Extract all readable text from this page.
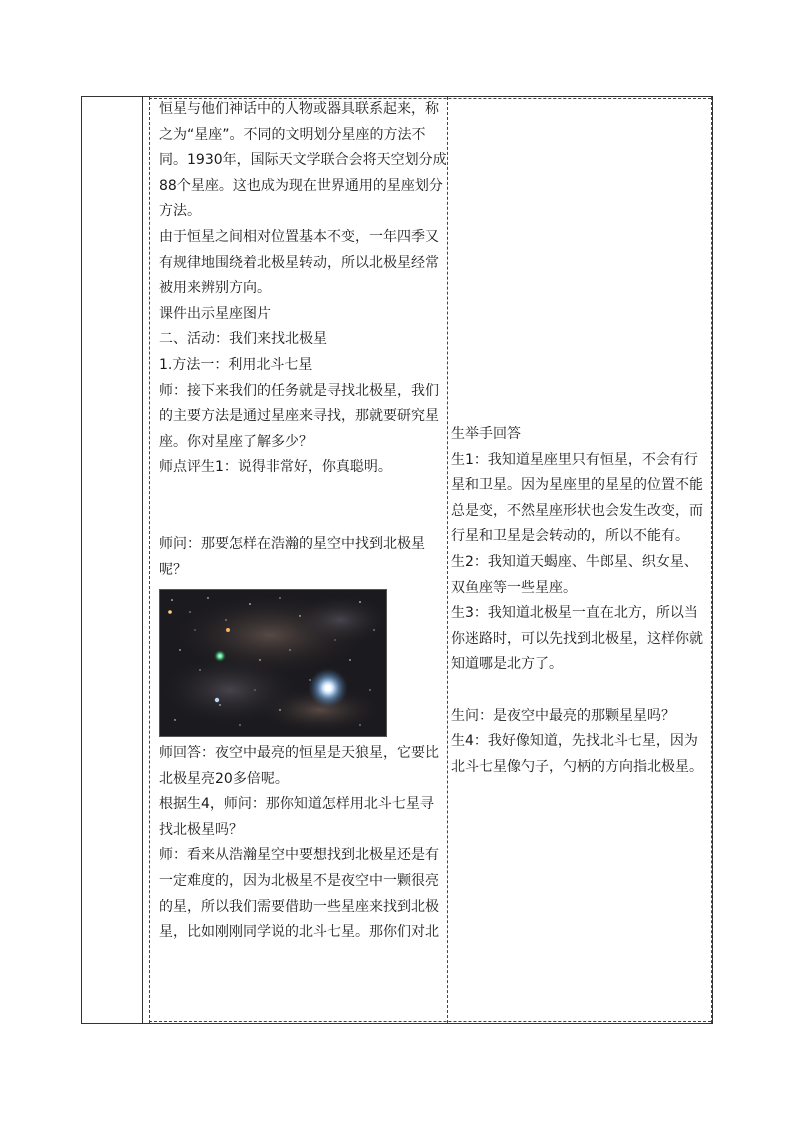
恒星与他们神话中的人物或器具联系起来，称之为“星座”。不同的文明划分星座的方法不同。1930年，国际天文学联合会将天空划分成88个星座。这也成为现在世界通用的星座划分方法。

由于恒星之间相对位置基本不变，一年四季又有规律地围绕着北极星转动，所以北极星经常被用来辨别方向。

课件出示星座图片

二、活动：我们来找北极星

1.方法一：利用北斗七星

师：接下来我们的任务就是寻找北极星，我们的主要方法是通过星座来寻找，那就要研究星座。你对星座了解多少？

师点评生1：说得非常好，你真聪明。

师问：那要怎样在浩瀚的星空中找到北极星呢？

师回答：夜空中最亮的恒星是天狼星，它要比北极星亮20多倍呢。

根据生4，师问：那你知道怎样用北斗七星寻找北极星吗？

师：看来从浩瀚星空中要想找到北极星还是有一定难度的，因为北极星不是夜空中一颗很亮的星，所以我们需要借助一些星座来找到北极星，比如刚刚同学说的北斗七星。那你们对北

生举手回答

生1：我知道星座里只有恒星，不会有行星和卫星。因为星座里的星星的位置不能总是变，不然星座形状也会发生改变，而行星和卫星是会转动的，所以不能有。

生2：我知道天蝎座、牛郎星、织女星、双鱼座等一些星座。

生3：我知道北极星一直在北方，所以当你迷路时，可以先找到北极星，这样你就知道哪是北方了。

生问：是夜空中最亮的那颗星星吗？

生4：我好像知道，先找北斗七星，因为北斗七星像勺子，勺柄的方向指北极星。
